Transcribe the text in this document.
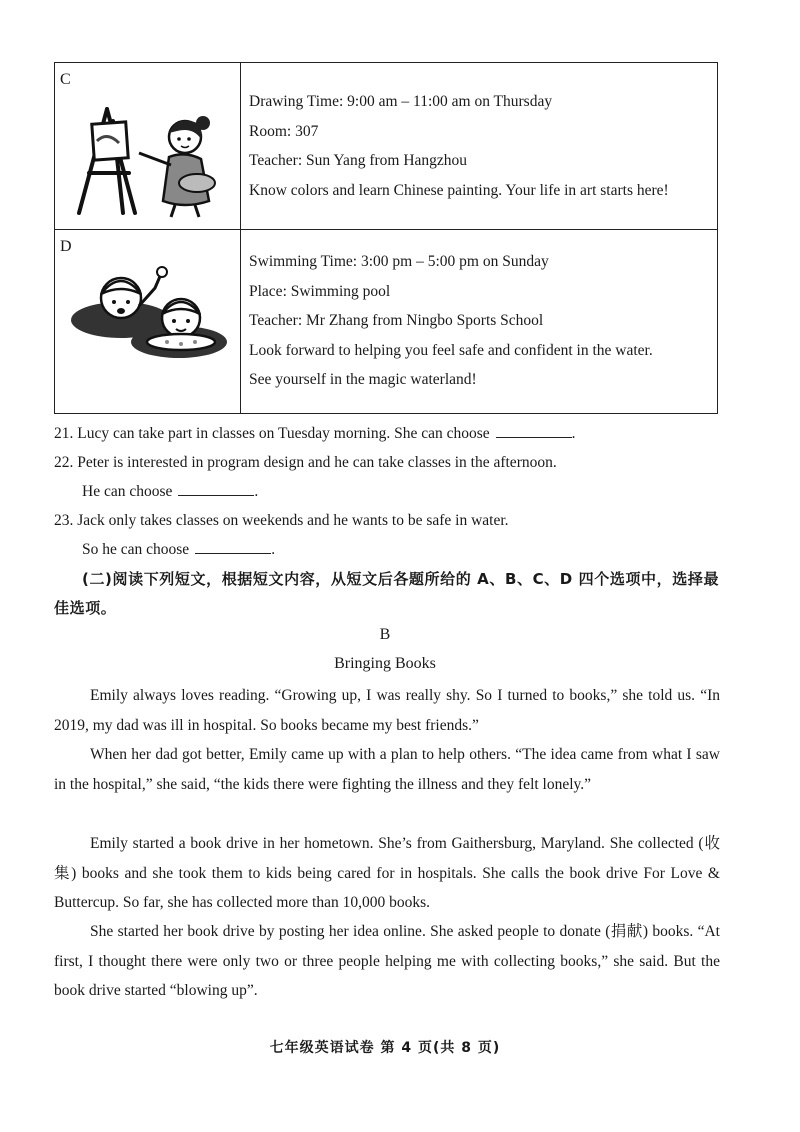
C

Drawing Time: 9:00 am – 11:00 am on Thursday

Room: 307

Teacher: Sun Yang from Hangzhou

Know colors and learn Chinese painting. Your life in art starts here!

D

Swimming Time: 3:00 pm – 5:00 pm on Sunday

Place: Swimming pool

Teacher: Mr Zhang from Ningbo Sports School

Look forward to helping you feel safe and confident in the water.

See yourself in the magic waterland!

21. Lucy can take part in classes on Tuesday morning. She can choose	.
22. Peter is interested in program design and he can take classes in the afternoon.
He can choose	.
23. Jack only takes classes on weekends and he wants to be safe in water.
So he can choose	.
(二)阅读下列短文，根据短文内容，从短文后各题所给的 A、B、C、D 四个选项中，选择最佳选项。
B
Bringing Books
Emily always loves reading. “Growing up, I was really shy. So I turned to books,” she told us. “In 2019, my dad was ill in hospital. So books became my best friends.”
When her dad got better, Emily came up with a plan to help others. “The idea came from what I saw in the hospital,” she said, “the kids there were fighting the illness and they felt lonely.”
Emily started a book drive in her hometown. She’s from Gaithersburg, Maryland. She collected (收集) books and she took them to kids being cared for in hospitals. She calls the book drive For Love & Buttercup. So far, she has collected more than 10,000 books.
She started her book drive by posting her idea online. She asked people to donate (捐献) books. “At first, I thought there were only two or three people helping me with collecting books,” she said. But the book drive started “blowing up”.
七年级英语试卷 第 4 页(共 8 页)
